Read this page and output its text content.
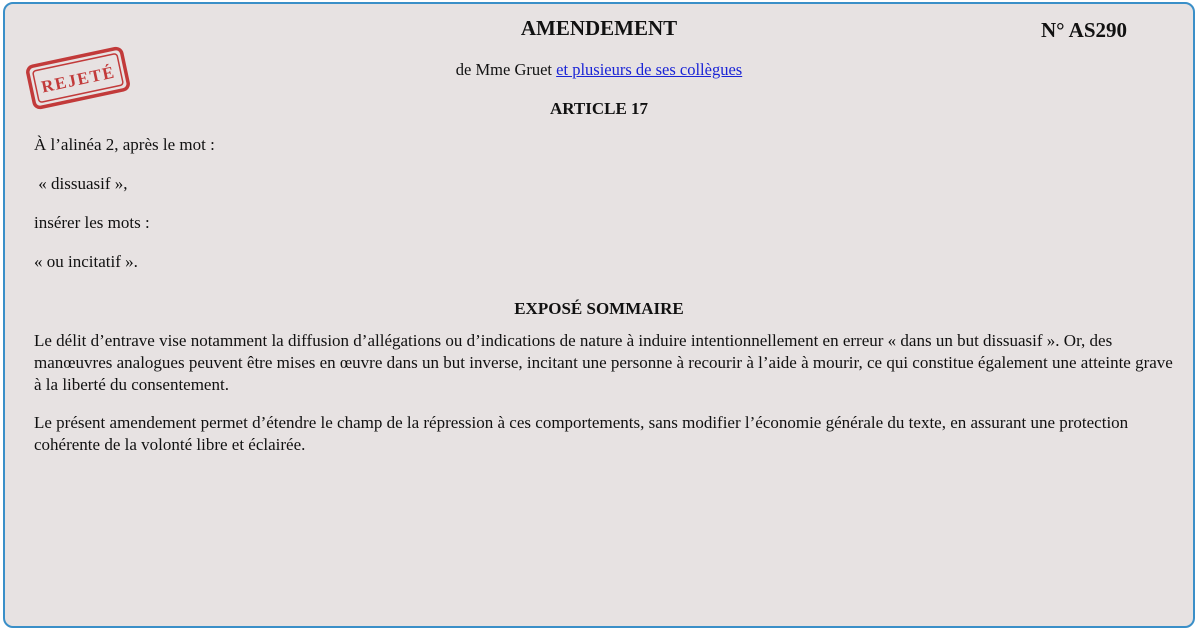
AMENDEMENT	N° AS290
REJETÉ	de Mme Gruet et plusieurs de ses collègues
ARTICLE 17
À l’alinéa 2, après le mot :
« dissuasif »,
insérer les mots :
« ou incitatif ».
EXPOSÉ SOMMAIRE
Le délit d’entrave vise notamment la diffusion d’allégations ou d’indications de nature à induire intentionnellement en erreur « dans un but dissuasif ». Or, des manœuvres analogues peuvent être mises en œuvre dans un but inverse, incitant une personne à recourir à l’aide à mourir, ce qui constitue également une atteinte grave à la liberté du consentement.
Le présent amendement permet d’étendre le champ de la répression à ces comportements, sans modifier l’économie générale du texte, en assurant une protection cohérente de la volonté libre et éclairée.
